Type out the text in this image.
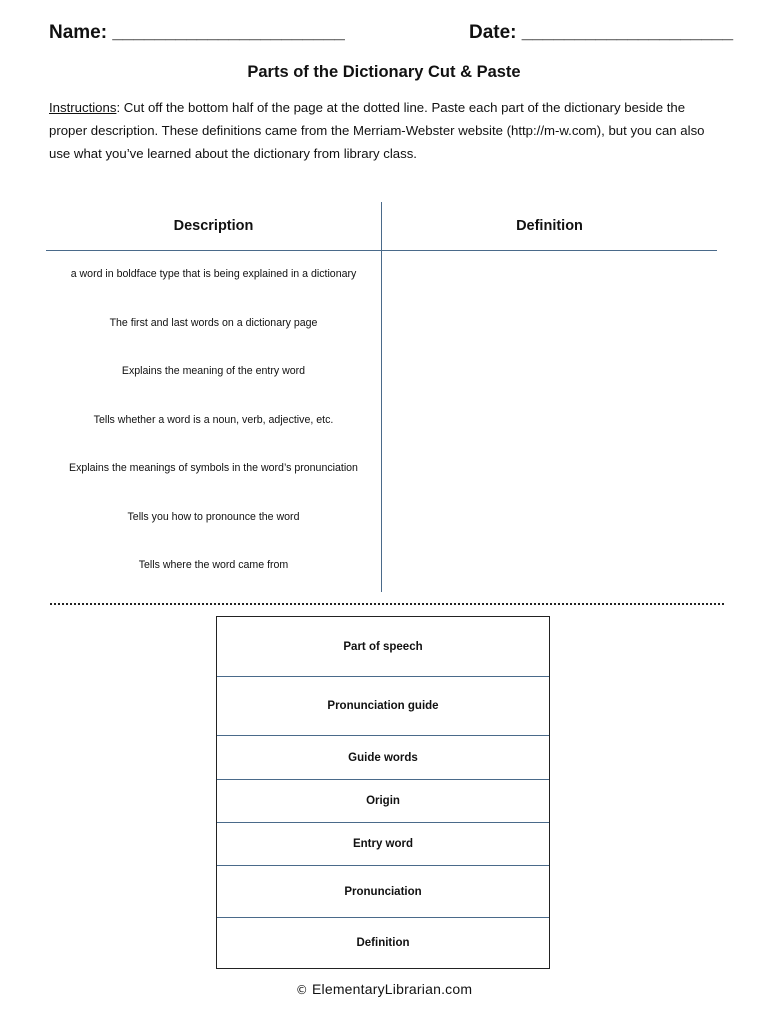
Name: ______________________	Date: ____________________
Parts of the Dictionary Cut & Paste
Instructions: Cut off the bottom half of the page at the dotted line. Paste each part of the dictionary beside the proper description. These definitions came from the Merriam-Webster website (http://m-w.com), but you can also use what you’ve learned about the dictionary from library class.
Description	Definition
a word in boldface type that is being explained in a dictionary
The first and last words on a dictionary page
Explains the meaning of the entry word
Tells whether a word is a noun, verb, adjective, etc.
Explains the meanings of symbols in the word’s pronunciation
Tells you how to pronounce the word
Tells where the word came from
Part of speech
Pronunciation guide
Guide words
Origin
Entry word
Pronunciation
Definition
© ElementaryLibrarian.com
